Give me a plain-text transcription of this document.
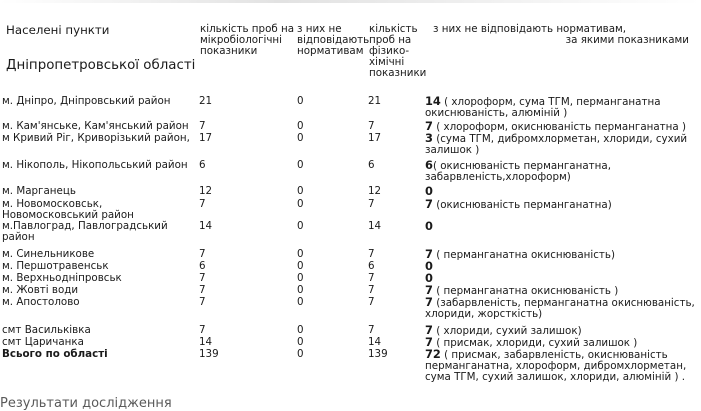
Населені пункти
Дніпропетровської області	кількість проб на мікробіологічні показники	з них не відповідають нормативам	кількість проб на фізико-хімічні показники	з них не відповідають нормативам,
за якими показниками

м. Дніпро, Дніпровський район	21	0	21	14 ( хлороформ, сума ТГМ, перманганатна окиснюваність, алюміній )
м. Кам'янське, Кам'янський район	7	0	7	7 ( хлороформ, окиснюваність перманганатна )
м Кривий Ріг, Криворізький район,	17	0	17	3 (сума ТГМ, дибромхлорметан, хлориди, сухий залишок )
м. Нікополь, Нікопольський район	6	0	6	6( окиснюваність перманганатна, забарвленість,хлороформ)
м. Марганець	12	0	12	0
м. Новомосковськ, Новомосковський район	7	0	7	7 (окиснюваність перманганатна)
м.Павлоград, Павлоградський район	14	0	14	0
м. Синельникове	7	0	7	7 ( перманганатна окиснюваність)
м. Першотравенськ	6	0	6	0
м. Верхньодніпровськ	7	0	7	0
м. Жовті води	7	0	7	7 ( перманганатна окиснюваність )
м. Апостолово	7	0	7	7 (забарвленість, перманганатна окиснюваність, хлориди, жорсткість)
смт Васильківка	7	0	7	7 ( хлориди, сухий залишок)
смт Царичанка	14	0	14	7 ( присмак, хлориди, сухий залишок )
Всього по області	139	0	139	72 ( присмак, забарвленість, окиснюваність перманганатна, хлороформ, дибромхлорметан, сума ТГМ, сухий залишок, хлориди, алюміній ) .
Результати дослідження
